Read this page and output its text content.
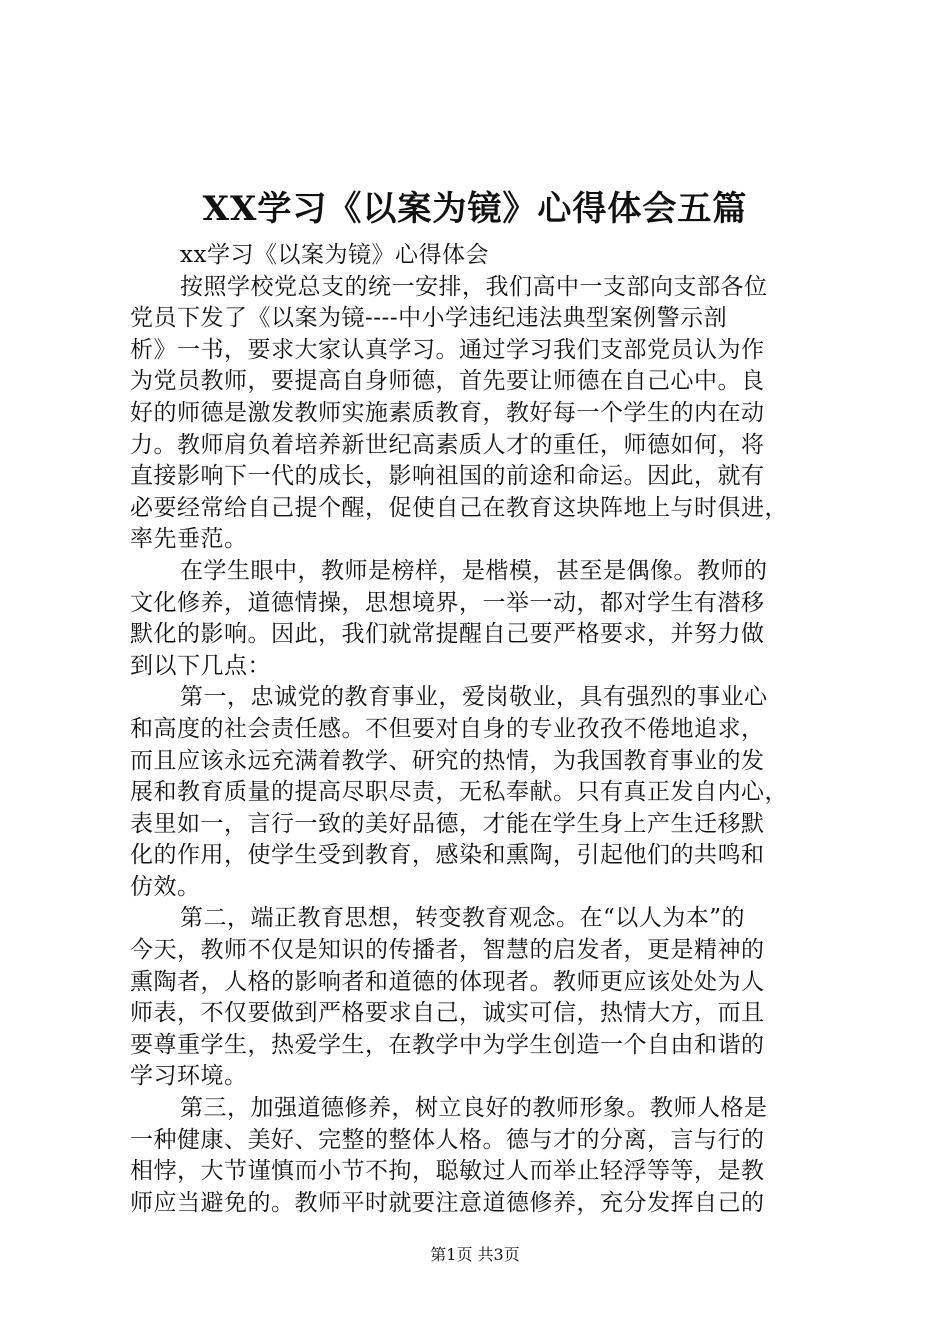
XX学习《以案为镜》心得体会五篇
xx学习《以案为镜》心得体会
按照学校党总支的统一安排，我们高中一支部向支部各位
党员下发了《以案为镜----中小学违纪违法典型案例警示剖
析》一书，要求大家认真学习。通过学习我们支部党员认为作
为党员教师，要提高自身师德，首先要让师德在自己心中。良
好的师德是激发教师实施素质教育，教好每一个学生的内在动
力。教师肩负着培养新世纪高素质人才的重任，师德如何，将
直接影响下一代的成长，影响祖国的前途和命运。因此，就有
必要经常给自己提个醒，促使自己在教育这块阵地上与时俱进，
率先垂范。
在学生眼中，教师是榜样，是楷模，甚至是偶像。教师的
文化修养，道德情操，思想境界，一举一动，都对学生有潜移
默化的影响。因此，我们就常提醒自己要严格要求，并努力做
到以下几点：
第一，忠诚党的教育事业，爱岗敬业，具有强烈的事业心
和高度的社会责任感。不但要对自身的专业孜孜不倦地追求，
而且应该永远充满着教学、研究的热情，为我国教育事业的发
展和教育质量的提高尽职尽责，无私奉献。只有真正发自内心，
表里如一，言行一致的美好品德，才能在学生身上产生迁移默
化的作用，使学生受到教育，感染和熏陶，引起他们的共鸣和
仿效。
第二，端正教育思想，转变教育观念。在“以人为本”的
今天，教师不仅是知识的传播者，智慧的启发者，更是精神的
熏陶者，人格的影响者和道德的体现者。教师更应该处处为人
师表，不仅要做到严格要求自己，诚实可信，热情大方，而且
要尊重学生，热爱学生，在教学中为学生创造一个自由和谐的
学习环境。
第三，加强道德修养，树立良好的教师形象。教师人格是
一种健康、美好、完整的整体人格。德与才的分离，言与行的
相悖，大节谨慎而小节不拘，聪敏过人而举止轻浮等等，是教
师应当避免的。教师平时就要注意道德修养，充分发挥自己的
第1页 共3页
